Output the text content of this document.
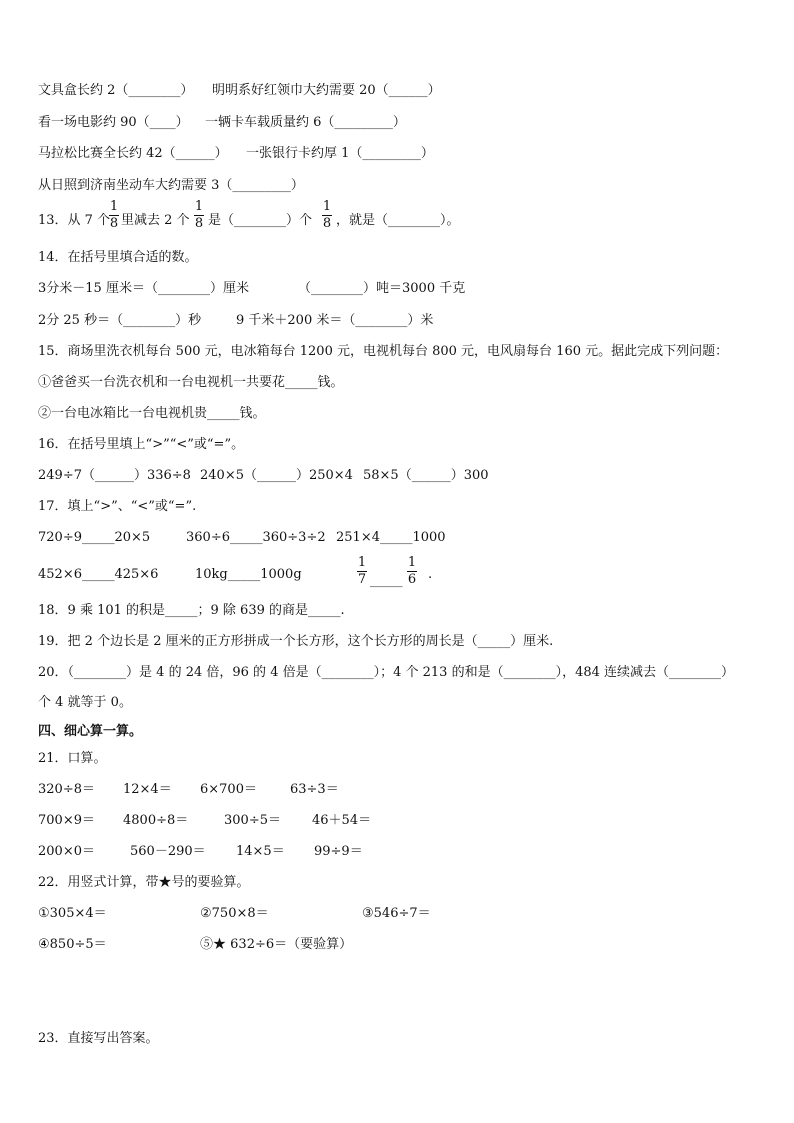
文具盒长约 2（________） 明明系好红领巾大约需要 20（______）
看一场电影约 90（____） 一辆卡车载质量约 6（_________）
马拉松比赛全长约 42（______） 一张银行卡约厚 1（_________）
从日照到济南坐动车大约需要 3（_________）
13．从 7 个
1
8 里减去 2 个
1
8 是（________）个
1
8 ，就是（________）。
14．在括号里填合适的数。
3分米－15 厘米＝（________）厘米	（________）吨＝3000 千克
2分 25 秒＝（________）秒	9 千米＋200 米＝（________）米
15．商场里洗衣机每台 500 元，电冰箱每台 1200 元，电视机每台 800 元，电风扇每台 160 元。据此完成下列问题：
①爸爸买一台洗衣机和一台电视机一共要花_____钱。
②一台电冰箱比一台电视机贵_____钱。
16．在括号里填上“>”“<”或“=”。
249÷7（______）336÷8 240×5（______）250×4 58×5（______）300
17．填上“>”、“<”或“=”.
720÷9_____20×5	360÷6_____360÷3÷2 251×4_____1000
452×6_____425×6	10kg_____1000g
1
7 _____
1
6 .
18．9 乘 101 的积是_____；9 除 639 的商是_____.
19．把 2 个边长是 2 厘米的正方形拼成一个长方形，这个长方形的周长是（_____）厘米.
20．（________）是 4 的 24 倍，96 的 4 倍是（________）；4 个 213 的和是（________），484 连续减去（________）
个 4 就等于 0。
四、细心算一算。
21．口算。
320÷8＝ 12×4＝ 6×700＝	63÷3＝
700×9＝ 4800÷8＝	300÷5＝ 46＋54＝
200×0＝	560－290＝ 14×5＝ 99÷9＝
22．用竖式计算，带★号的要验算。
①305×4＝	②750×8＝	③546÷7＝
④850÷5＝	⑤★ 632÷6＝（要验算）
23．直接写出答案。
